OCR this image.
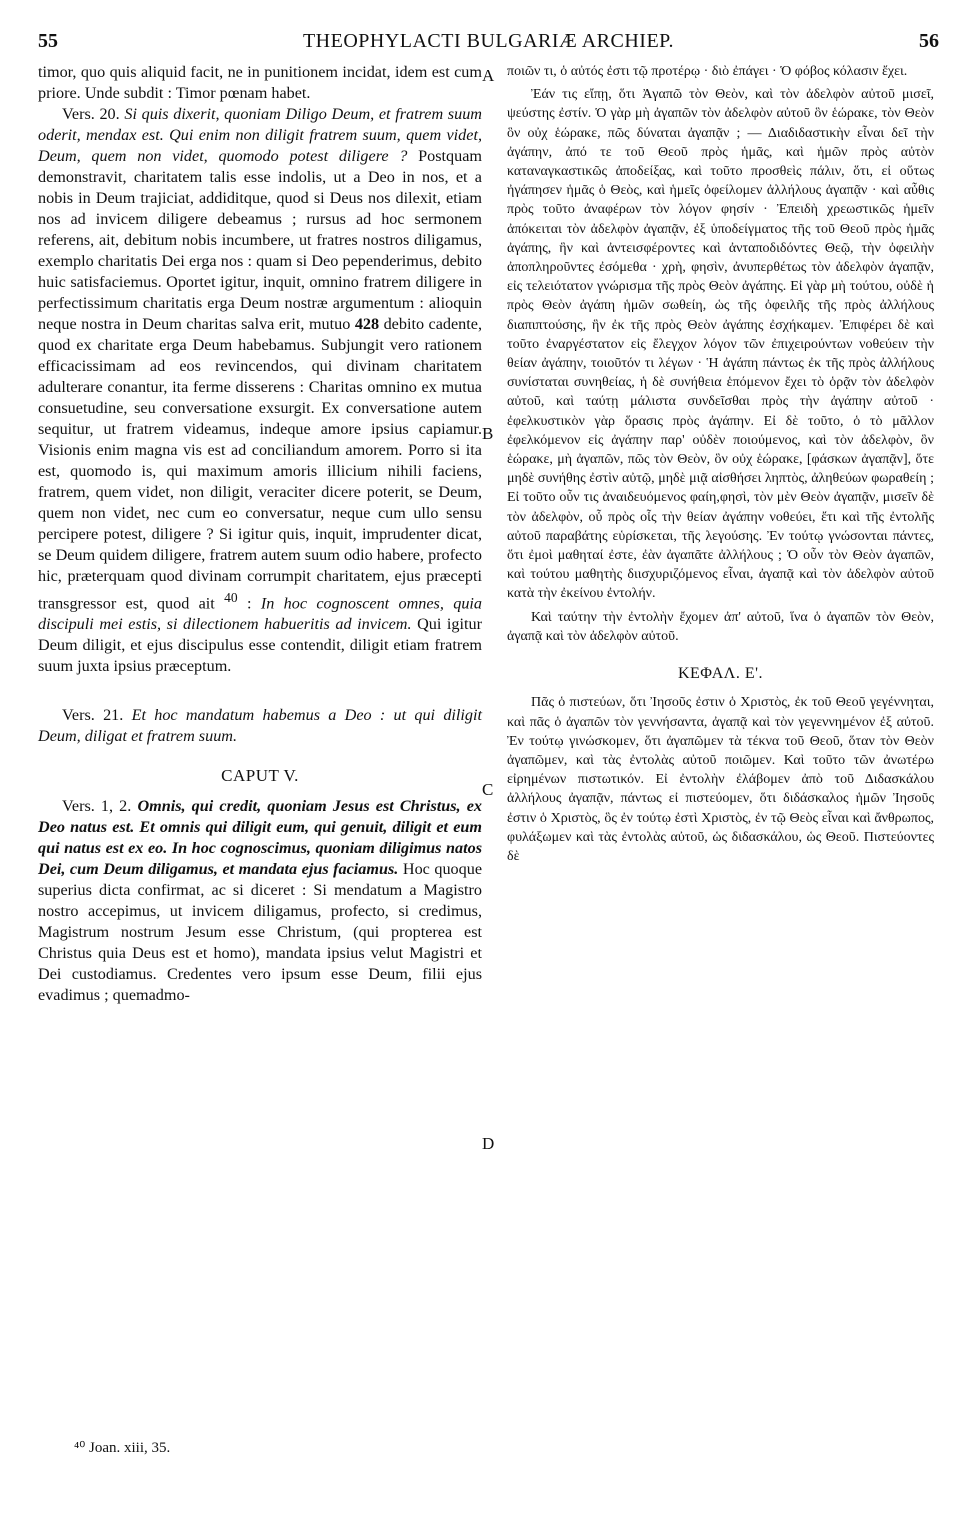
55	THEOPHYLACTI BULGARIÆ ARCHIEP.	56
A
B
C
D

timor, quo quis aliquid facit, ne in punitionem incidat, idem est cum priore. Unde subdit : Timor pœnam habet.

Vers. 20. Si quis dixerit, quoniam Diligo Deum, et fratrem suum oderit, mendax est. Qui enim non diligit fratrem suum, quem videt, Deum, quem non videt, quomodo potest diligere ? Postquam demonstravit, charitatem talis esse indolis, ut a Deo in nos, et a nobis in Deum trajiciat, addiditque, quod si Deus nos dilexit, etiam nos ad invicem diligere debeamus ; rursus ad hoc sermonem referens, ait, debitum nobis incumbere, ut fratres nostros diligamus, exemplo charitatis Dei erga nos : quam si Deo pependerimus, debito huic satisfaciemus. Oportet igitur, inquit, omnino fratrem diligere in perfectissimum charitatis erga Deum nostræ argumentum : alioquin neque nostra in Deum charitas salva erit, mutuo 428 debito cadente, quod ex charitate erga Deum habebamus. Subjungit vero rationem efficacissimam ad eos revincendos, qui divinam charitatem adulterare conantur, ita ferme disserens : Charitas omnino ex mutua consuetudine, seu conversatione exsurgit. Ex conversatione autem sequitur, ut fratrem videamus, indeque amore ipsius capiamur. Visionis enim magna vis est ad conciliandum amorem. Porro si ita est, quomodo is, qui maximum amoris illicium nihili faciens, fratrem, quem videt, non diligit, veraciter dicere poterit, se Deum, quem non videt, nec cum eo conversatur, neque cum ullo sensu percipere potest, diligere ? Si igitur quis, inquit, imprudenter dicat, se Deum quidem diligere, fratrem autem suum odio habere, profecto hic, præterquam quod divinam corrumpit charitatem, ejus præcepti transgressor est, quod ait $^{40}$ : In hoc cognoscent omnes, quia discipuli mei estis, si dilectionem habueritis ad invicem. Qui igitur Deum diligit, et ejus discipulus esse contendit, diligit etiam fratrem suum juxta ipsius præceptum.

Vers. 21. Et hoc mandatum habemus a Deo : ut qui diligit Deum, diligat et fratrem suum.

CAPUT V.

Vers. 1, 2. Omnis, qui credit, quoniam Jesus est Christus, ex Deo natus est. Et omnis qui diligit eum, qui genuit, diligit et eum qui natus est ex eo. In hoc cognoscimus, quoniam diligimus natos Dei, cum Deum diligamus, et mandata ejus faciamus. Hoc quoque superius dicta confirmat, ac si diceret : Si mendatum a Magistro nostro accepimus, ut invicem diligamus, profecto, si credimus, Magistrum nostrum Jesum esse Christum, (qui propterea est Christus quia Deus est et homo), mandata ipsius velut Magistri et Dei custodiamus. Credentes vero ipsum esse Deum, filii ejus evadimus ; quemadmo-

ποιῶν τι, ὁ αὐτός ἐστι τῷ προτέρῳ · διὸ ἐπάγει · Ὁ φόβος κόλασιν ἔχει.

Ἐάν τις εἴπῃ, ὅτι Ἀγαπῶ τὸν Θεὸν, καὶ τὸν ἀδελφὸν αὐτοῦ μισεῖ, ψεύστης ἐστίν. Ὁ γὰρ μὴ ἀγαπῶν τὸν ἀδελφὸν αὐτοῦ ὃν ἑώρακε, τὸν Θεὸν ὃν οὐχ ἑώρακε, πῶς δύναται ἀγαπᾷν ; — Διαδιδαστικὴν εἶναι δεῖ τὴν ἀγάπην, ἀπό τε τοῦ Θεοῦ πρὸς ἡμᾶς, καὶ ἡμῶν πρὸς αὐτὸν καταναγκαστικῶς ἀποδείξας, καὶ τοῦτο προσθεὶς πάλιν, ὅτι, εἰ οὕτως ἠγάπησεν ἡμᾶς ὁ Θεὸς, καὶ ἡμεῖς ὀφείλομεν ἀλλήλους ἀγαπᾷν · καὶ αὖθις πρὸς τοῦτο ἀναφέρων τὸν λόγον φησίν · Ἐπειδὴ χρεωστικῶς ἡμεῖν ἀπόκειται τὸν ἀδελφὸν ἀγαπᾷν, ἐξ ὑποδείγματος τῆς τοῦ Θεοῦ πρὸς ἡμᾶς ἀγάπης, ἣν καὶ ἀντεισφέροντες καὶ ἀνταποδιδόντες Θεῷ, τὴν ὀφειλὴν ἀποπληροῦντες ἐσόμεθα · χρὴ, φησὶν, ἀνυπερθέτως τὸν ἀδελφὸν ἀγαπᾷν, εἰς τελειότατον γνώρισμα τῆς πρὸς Θεὸν ἀγάπης. Εἰ γὰρ μὴ τούτου, οὐδὲ ἡ πρὸς Θεὸν ἀγάπη ἡμῶν σωθείη, ὡς τῆς ὀφειλῆς τῆς πρὸς ἀλλήλους διαπιπτούσης, ἣν ἐκ τῆς πρὸς Θεὸν ἀγάπης ἐσχήκαμεν. Ἐπιφέρει δὲ καὶ τοῦτο ἐναργέστατον εἰς ἔλεγχον λόγον τῶν ἐπιχειρούντων νοθεύειν τὴν θείαν ἀγάπην, τοιοῦτόν τι λέγων · Ἡ ἀγάπη πάντως ἐκ τῆς πρὸς ἀλλήλους συνίσταται συνηθείας, ἡ δὲ συνήθεια ἑπόμενον ἔχει τὸ ὁρᾷν τὸν ἀδελφὸν αὐτοῦ, καὶ ταύτῃ μάλιστα συνδεῖσθαι πρὸς τὴν ἀγάπην αὐτοῦ · ἐφελκυστικὸν γὰρ ὅρασις πρὸς ἀγάπην. Εἰ δὲ τοῦτο, ὁ τὸ μᾶλλον ἐφελκόμενον εἰς ἀγάπην παρ' οὐδὲν ποιούμενος, καὶ τὸν ἀδελφὸν, ὃν ἑώρακε, μὴ ἀγαπῶν, πῶς τὸν Θεὸν, ὃν οὐχ ἑώρακε, [φάσκων ἀγαπᾷν], ὅτε μηδὲ συνήθης ἐστὶν αὐτῷ, μηδὲ μιᾷ αἰσθήσει ληπτὸς, ἀληθεύων φωραθείη ; Εἰ τοῦτο οὖν τις ἀναιδευόμενος φαίη,φησὶ, τὸν μὲν Θεὸν ἀγαπᾷν, μισεῖν δὲ τὸν ἀδελφὸν, οὗ πρὸς οἷς τὴν θείαν ἀγάπην νοθεύει, ἔτι καὶ τῆς ἐντολῆς αὐτοῦ παραβάτης εὑρίσκεται, τῆς λεγούσης. Ἐν τούτῳ γνώσονται πάντες, ὅτι ἐμοὶ μαθηταί ἐστε, ἐὰν ἀγαπᾶτε ἀλλήλους ; Ὁ οὖν τὸν Θεὸν ἀγαπῶν, καὶ τούτου μαθητὴς διισχυριζόμενος εἶναι, ἀγαπᾷ καὶ τὸν ἀδελφὸν αὐτοῦ κατὰ τὴν ἐκείνου ἐντολήν.

Καὶ ταύτην τὴν ἐντολὴν ἔχομεν ἀπ' αὐτοῦ, ἵνα ὁ ἀγαπῶν τὸν Θεὸν, ἀγαπᾷ καὶ τὸν ἀδελφὸν αὐτοῦ.

ΚΕΦΑΛ. Ε'.

Πᾶς ὁ πιστεύων, ὅτι Ἰησοῦς ἐστιν ὁ Χριστὸς, ἐκ τοῦ Θεοῦ γεγέννηται, καὶ πᾶς ὁ ἀγαπῶν τὸν γεννήσαντα, ἀγαπᾷ καὶ τὸν γεγεννημένον ἐξ αὐτοῦ. Ἐν τούτῳ γινώσκομεν, ὅτι ἀγαπῶμεν τὰ τέκνα τοῦ Θεοῦ, ὅταν τὸν Θεὸν ἀγαπῶμεν, καὶ τὰς ἐντολὰς αὐτοῦ ποιῶμεν. Καὶ τοῦτο τῶν ἀνωτέρω εἰρημένων πιστωτικόν. Εἰ ἐντολὴν ἐλάβομεν ἀπὸ τοῦ Διδασκάλου ἀλλήλους ἀγαπᾷν, πάντως εἰ πιστεύομεν, ὅτι διδάσκαλος ἡμῶν Ἰησοῦς ἐστιν ὁ Χριστὸς, ὃς ἐν τούτῳ ἐστὶ Χριστὸς, ἐν τῷ Θεὸς εἶναι καὶ ἄνθρωπος, φυλάξωμεν καὶ τὰς ἐντολὰς αὐτοῦ, ὡς διδασκάλου, ὡς Θεοῦ. Πιστεύοντες δὲ

⁴⁰ Joan. xiii, 35.
